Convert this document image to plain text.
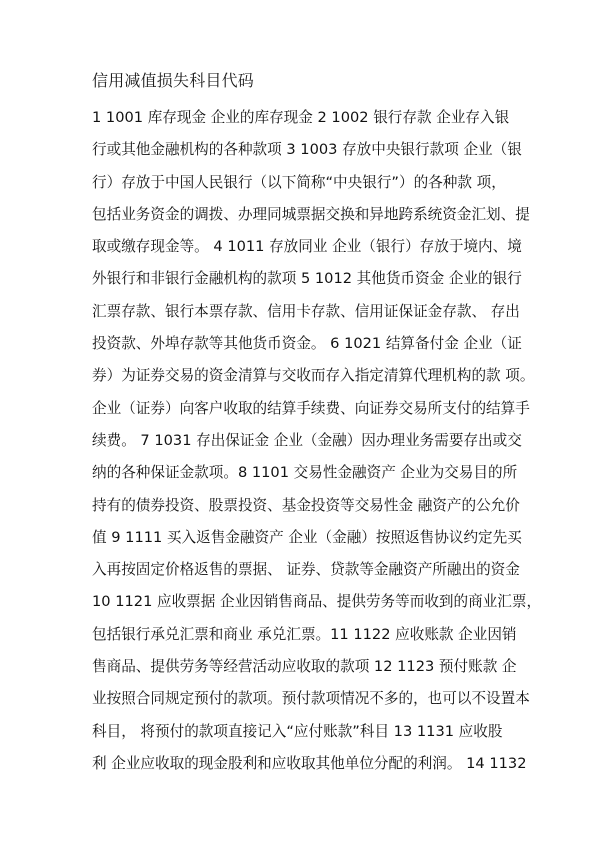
信用减值损失科目代码
1 1001 库存现金 企业的库存现金 2 1002 银行存款 企业存入银
行或其他金融机构的各种款项 3 1003 存放中央银行款项 企业（银
行）存放于中国人民银行（以下简称“中央银行”）的各种款 项，
包括业务资金的调拨、办理同城票据交换和异地跨系统资金汇划、提
取或缴存现金等。 4 1011 存放同业 企业（银行）存放于境内、境
外银行和非银行金融机构的款项 5 1012 其他货币资金 企业的银行
汇票存款、银行本票存款、信用卡存款、信用证保证金存款、 存出
投资款、外埠存款等其他货币资金。 6 1021 结算备付金 企业（证
券）为证券交易的资金清算与交收而存入指定清算代理机构的款 项。
企业（证券）向客户收取的结算手续费、向证券交易所支付的结算手
续费。 7 1031 存出保证金 企业（金融）因办理业务需要存出或交
纳的各种保证金款项。8 1101 交易性金融资产 企业为交易目的所
持有的债券投资、股票投资、基金投资等交易性金 融资产的公允价
值 9 1111 买入返售金融资产 企业（金融）按照返售协议约定先买
入再按固定价格返售的票据、 证券、贷款等金融资产所融出的资金
10 1121 应收票据 企业因销售商品、提供劳务等而收到的商业汇票，
包括银行承兑汇票和商业 承兑汇票。11 1122 应收账款 企业因销
售商品、提供劳务等经营活动应收取的款项 12 1123 预付账款 企
业按照合同规定预付的款项。预付款项情况不多的，也可以不设置本
科目， 将预付的款项直接记入“应付账款”科目 13 1131 应收股
利 企业应收取的现金股利和应收取其他单位分配的利润。 14 1132
